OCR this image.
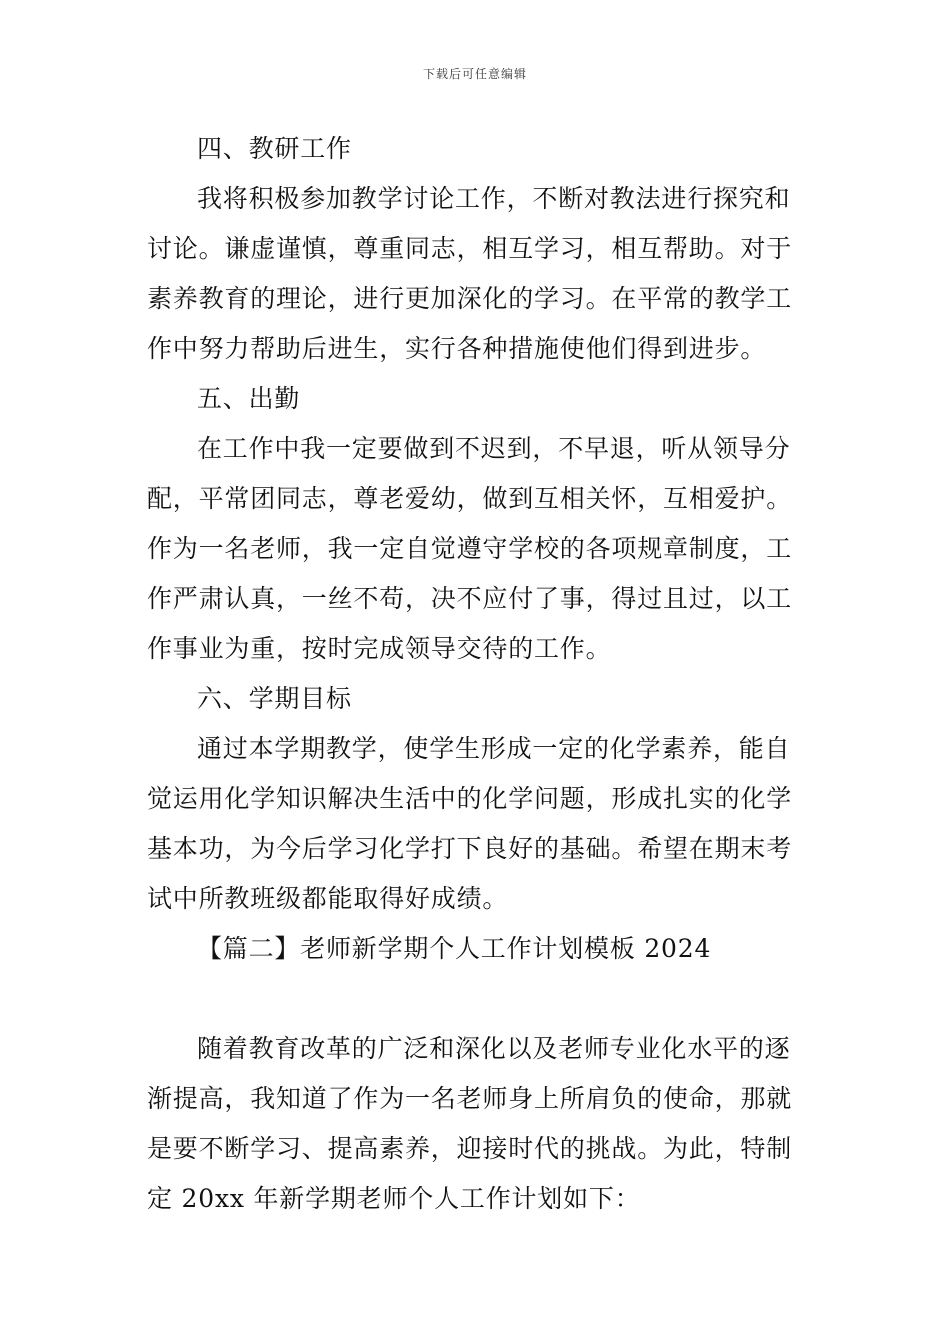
下载后可任意编辑
四、教研工作
我将积极参加教学讨论工作，不断对教法进行探究和
讨论。谦虚谨慎，尊重同志，相互学习，相互帮助。对于
素养教育的理论，进行更加深化的学习。在平常的教学工
作中努力帮助后进生，实行各种措施使他们得到进步。
五、出勤
在工作中我一定要做到不迟到，不早退，听从领导分
配，平常团同志，尊老爱幼，做到互相关怀，互相爱护。
作为一名老师，我一定自觉遵守学校的各项规章制度，工
作严肃认真，一丝不苟，决不应付了事，得过且过，以工
作事业为重，按时完成领导交待的工作。
六、学期目标
通过本学期教学，使学生形成一定的化学素养，能自
觉运用化学知识解决生活中的化学问题，形成扎实的化学
基本功，为今后学习化学打下良好的基础。希望在期末考
试中所教班级都能取得好成绩。
【篇二】老师新学期个人工作计划模板 2024
随着教育改革的广泛和深化以及老师专业化水平的逐
渐提高，我知道了作为一名老师身上所肩负的使命，那就
是要不断学习、提高素养，迎接时代的挑战。为此，特制
定 20xx 年新学期老师个人工作计划如下：
